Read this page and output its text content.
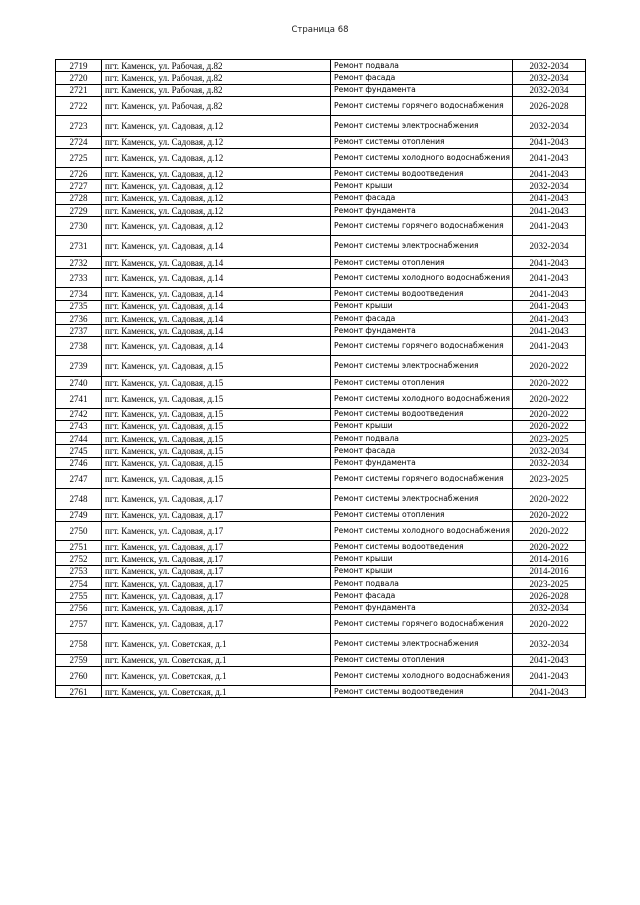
Страница 68
2719	пгт. Каменск, ул. Рабочая, д.82	Ремонт подвала	2032-2034
2720	пгт. Каменск, ул. Рабочая, д.82	Ремонт фасада	2032-2034
2721	пгт. Каменск, ул. Рабочая, д.82	Ремонт фундамента	2032-2034
2722	пгт. Каменск, ул. Рабочая, д.82	Ремонт системы горячего водоснабжения	2026-2028
2723	пгт. Каменск, ул. Садовая, д.12	Ремонт системы электроснабжения	2032-2034
2724	пгт. Каменск, ул. Садовая, д.12	Ремонт системы отопления	2041-2043
2725	пгт. Каменск, ул. Садовая, д.12	Ремонт системы холодного водоснабжения	2041-2043
2726	пгт. Каменск, ул. Садовая, д.12	Ремонт системы водоотведения	2041-2043
2727	пгт. Каменск, ул. Садовая, д.12	Ремонт крыши	2032-2034
2728	пгт. Каменск, ул. Садовая, д.12	Ремонт фасада	2041-2043
2729	пгт. Каменск, ул. Садовая, д.12	Ремонт фундамента	2041-2043
2730	пгт. Каменск, ул. Садовая, д.12	Ремонт системы горячего водоснабжения	2041-2043
2731	пгт. Каменск, ул. Садовая, д.14	Ремонт системы электроснабжения	2032-2034
2732	пгт. Каменск, ул. Садовая, д.14	Ремонт системы отопления	2041-2043
2733	пгт. Каменск, ул. Садовая, д.14	Ремонт системы холодного водоснабжения	2041-2043
2734	пгт. Каменск, ул. Садовая, д.14	Ремонт системы водоотведения	2041-2043
2735	пгт. Каменск, ул. Садовая, д.14	Ремонт крыши	2041-2043
2736	пгт. Каменск, ул. Садовая, д.14	Ремонт фасада	2041-2043
2737	пгт. Каменск, ул. Садовая, д.14	Ремонт фундамента	2041-2043
2738	пгт. Каменск, ул. Садовая, д.14	Ремонт системы горячего водоснабжения	2041-2043
2739	пгт. Каменск, ул. Садовая, д.15	Ремонт системы электроснабжения	2020-2022
2740	пгт. Каменск, ул. Садовая, д.15	Ремонт системы отопления	2020-2022
2741	пгт. Каменск, ул. Садовая, д.15	Ремонт системы холодного водоснабжения	2020-2022
2742	пгт. Каменск, ул. Садовая, д.15	Ремонт системы водоотведения	2020-2022
2743	пгт. Каменск, ул. Садовая, д.15	Ремонт крыши	2020-2022
2744	пгт. Каменск, ул. Садовая, д.15	Ремонт подвала	2023-2025
2745	пгт. Каменск, ул. Садовая, д.15	Ремонт фасада	2032-2034
2746	пгт. Каменск, ул. Садовая, д.15	Ремонт фундамента	2032-2034
2747	пгт. Каменск, ул. Садовая, д.15	Ремонт системы горячего водоснабжения	2023-2025
2748	пгт. Каменск, ул. Садовая, д.17	Ремонт системы электроснабжения	2020-2022
2749	пгт. Каменск, ул. Садовая, д.17	Ремонт системы отопления	2020-2022
2750	пгт. Каменск, ул. Садовая, д.17	Ремонт системы холодного водоснабжения	2020-2022
2751	пгт. Каменск, ул. Садовая, д.17	Ремонт системы водоотведения	2020-2022
2752	пгт. Каменск, ул. Садовая, д.17	Ремонт крыши	2014-2016
2753	пгт. Каменск, ул. Садовая, д.17	Ремонт крыши	2014-2016
2754	пгт. Каменск, ул. Садовая, д.17	Ремонт подвала	2023-2025
2755	пгт. Каменск, ул. Садовая, д.17	Ремонт фасада	2026-2028
2756	пгт. Каменск, ул. Садовая, д.17	Ремонт фундамента	2032-2034
2757	пгт. Каменск, ул. Садовая, д.17	Ремонт системы горячего водоснабжения	2020-2022
2758	пгт. Каменск, ул. Советская, д.1	Ремонт системы электроснабжения	2032-2034
2759	пгт. Каменск, ул. Советская, д.1	Ремонт системы отопления	2041-2043
2760	пгт. Каменск, ул. Советская, д.1	Ремонт системы холодного водоснабжения	2041-2043
2761	пгт. Каменск, ул. Советская, д.1	Ремонт системы водоотведения	2041-2043
